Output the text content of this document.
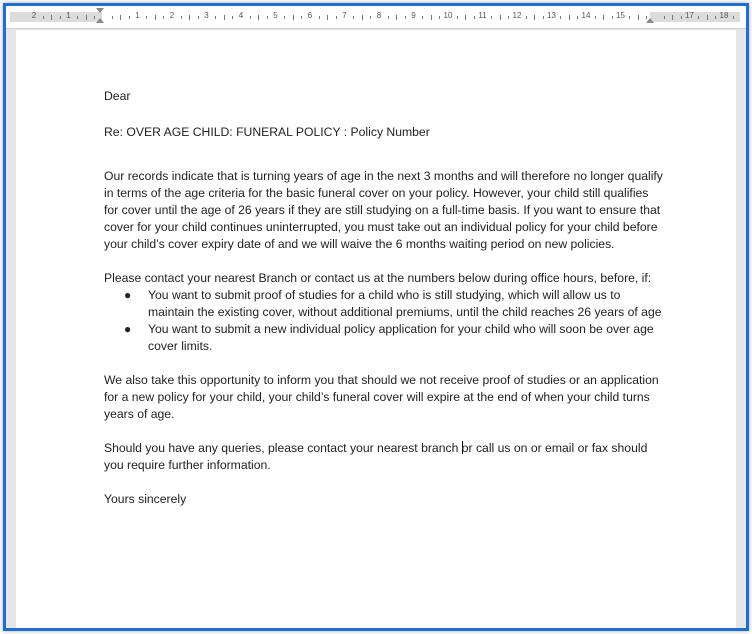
2	1	1	2	3	4	5	6	7	8	9	10	11	12	13	14	15	17	18

Dear

Re: OVER AGE CHILD: FUNERAL POLICY : Policy Number

Our records indicate that is turning years of age in the next 3 months and will therefore no longer qualify in terms of the age criteria for the basic funeral cover on your policy. However, your child still qualifies for cover until the age of 26 years if they are still studying on a full-time basis. If you want to ensure that cover for your child continues uninterrupted, you must take out an individual policy for your child before your child’s cover expiry date of and we will waive the 6 months waiting period on new policies.

Please contact your nearest Branch or contact us at the numbers below during office hours, before, if:

● You want to submit proof of studies for a child who is still studying, which will allow us to maintain the existing cover, without additional premiums, until the child reaches 26 years of age
● You want to submit a new individual policy application for your child who will soon be over age cover limits.

We also take this opportunity to inform you that should we not receive proof of studies or an application for a new policy for your child, your child’s funeral cover will expire at the end of when your child turns years of age.

Should you have any queries, please contact your nearest branch or call us on or email or fax should you require further information.

Yours sincerely
